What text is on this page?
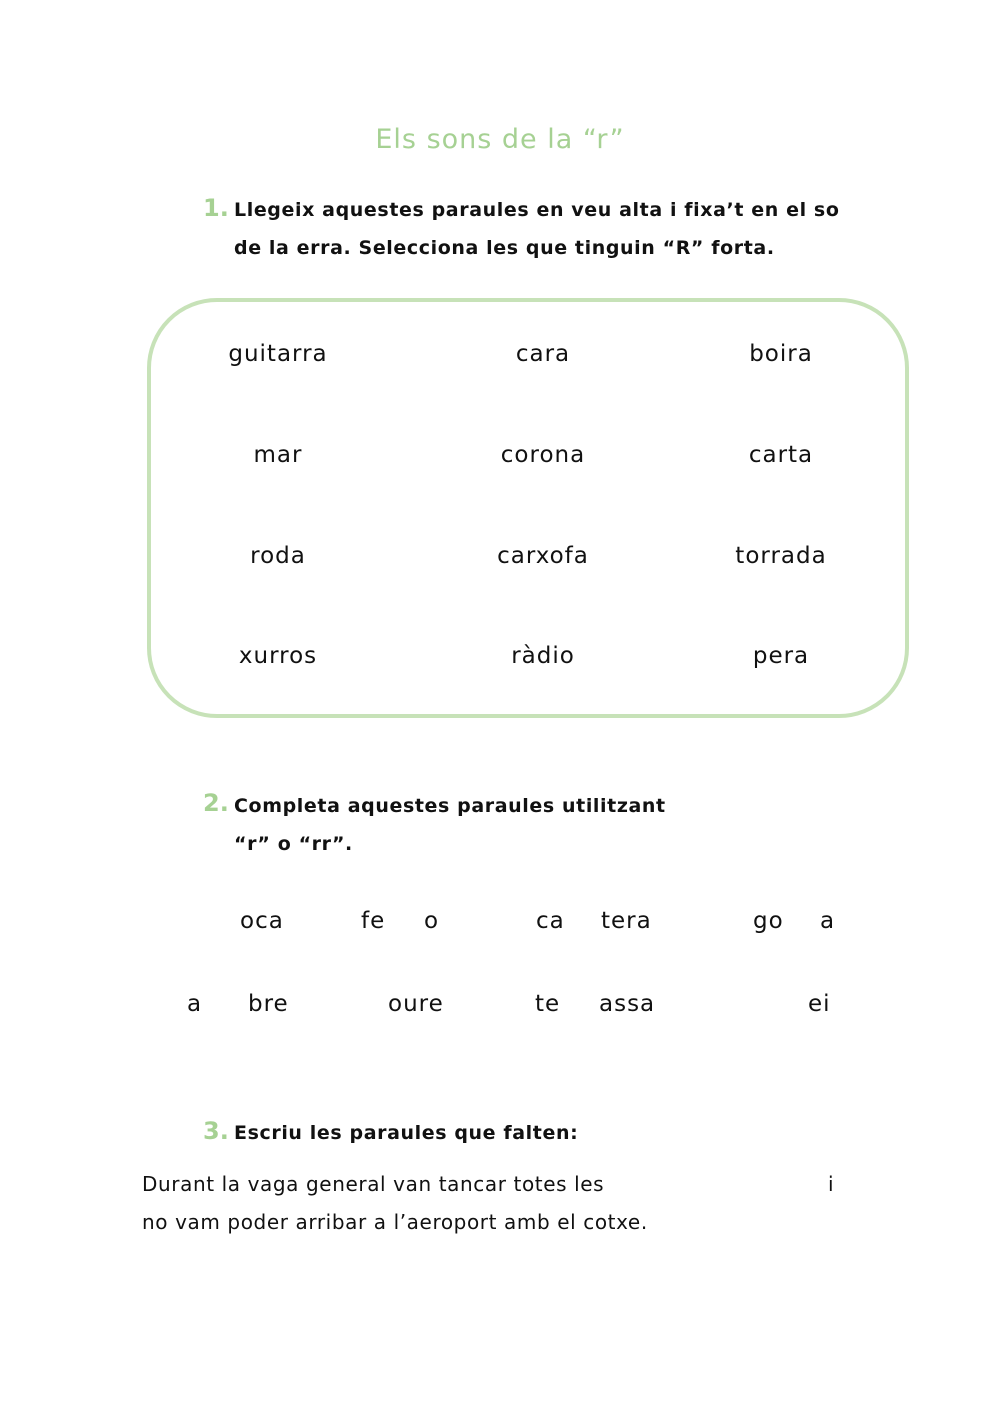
Els sons de la “r”
1. Llegeix aquestes paraules en veu alta i fixa’t en el so
de la erra. Selecciona les que tinguin “R” forta.
guitarra	cara	boira
mar	corona	carta
roda	carxofa	torrada
xurros	ràdio	pera
2. Completa aquestes paraules utilitzant
“r” o “rr”.
oca	fe o	ca tera	go a
a bre	oure	te assa	ei
3. Escriu les paraules que falten:
Durant la vaga general van tancar totes les	i
no vam poder arribar a l’aeroport amb el cotxe.
